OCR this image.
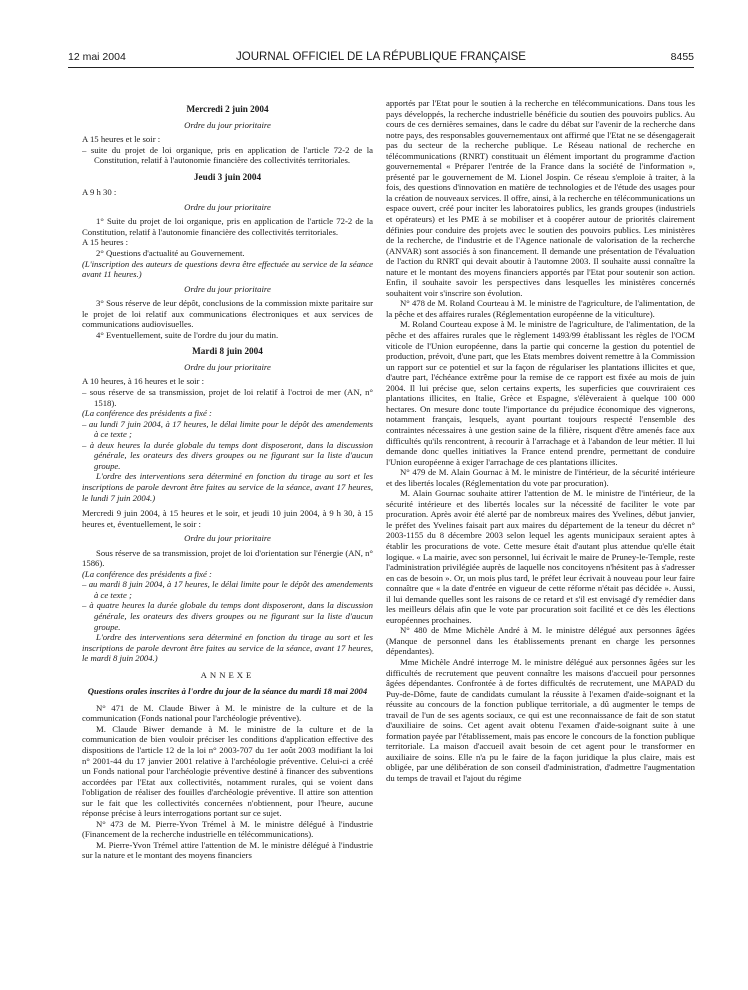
12 mai 2004	JOURNAL OFFICIEL DE LA RÉPUBLIQUE FRANÇAISE	8455

Mercredi 2 juin 2004

Ordre du jour prioritaire

A 15 heures et le soir :

– suite du projet de loi organique, pris en application de l'article 72-2 de la Constitution, relatif à l'autonomie financière des collectivités territoriales.

Jeudi 3 juin 2004

A 9 h 30 :

Ordre du jour prioritaire

1° Suite du projet de loi organique, pris en application de l'article 72-2 de la Constitution, relatif à l'autonomie financière des collectivités territoriales.

A 15 heures :

2° Questions d'actualité au Gouvernement.

(L'inscription des auteurs de questions devra être effectuée au service de la séance avant 11 heures.)

Ordre du jour prioritaire

3° Sous réserve de leur dépôt, conclusions de la commission mixte paritaire sur le projet de loi relatif aux communications électroniques et aux services de communications audiovisuelles.

4° Eventuellement, suite de l'ordre du jour du matin.

Mardi 8 juin 2004

Ordre du jour prioritaire

A 10 heures, à 16 heures et le soir :

– sous réserve de sa transmission, projet de loi relatif à l'octroi de mer (AN, n° 1518).

(La conférence des présidents a fixé :

– au lundi 7 juin 2004, à 17 heures, le délai limite pour le dépôt des amendements à ce texte ;

– à deux heures la durée globale du temps dont disposeront, dans la discussion générale, les orateurs des divers groupes ou ne figurant sur la liste d'aucun groupe.

L'ordre des interventions sera déterminé en fonction du tirage au sort et les inscriptions de parole devront être faites au service de la séance, avant 17 heures, le lundi 7 juin 2004.)

Mercredi 9 juin 2004, à 15 heures et le soir, et jeudi 10 juin 2004, à 9 h 30, à 15 heures et, éventuellement, le soir :

Ordre du jour prioritaire

Sous réserve de sa transmission, projet de loi d'orientation sur l'énergie (AN, n° 1586).

(La conférence des présidents a fixé :

– au mardi 8 juin 2004, à 17 heures, le délai limite pour le dépôt des amendements à ce texte ;

– à quatre heures la durée globale du temps dont disposeront, dans la discussion générale, les orateurs des divers groupes ou ne figurant sur la liste d'aucun groupe.

L'ordre des interventions sera déterminé en fonction du tirage au sort et les inscriptions de parole devront être faites au service de la séance, avant 17 heures, le mardi 8 juin 2004.)

ANNEXE

Questions orales inscrites à l'ordre du jour de la séance du mardi 18 mai 2004

N° 471 de M. Claude Biwer à M. le ministre de la culture et de la communication (Fonds national pour l'archéologie préventive).

M. Claude Biwer demande à M. le ministre de la culture et de la communication de bien vouloir préciser les conditions d'application effective des dispositions de l'article 12 de la loi n° 2003-707 du 1er août 2003 modifiant la loi n° 2001-44 du 17 janvier 2001 relative à l'archéologie préventive. Celui-ci a créé un Fonds national pour l'archéologie préventive destiné à financer des subventions accordées par l'Etat aux collectivités, notamment rurales, qui se voient dans l'obligation de réaliser des fouilles d'archéologie préventive. Il attire son attention sur le fait que les collectivités concernées n'obtiennent, pour l'heure, aucune réponse précise à leurs interrogations portant sur ce sujet.

N° 473 de M. Pierre-Yvon Trémel à M. le ministre délégué à l'industrie (Financement de la recherche industrielle en télécommunications).

M. Pierre-Yvon Trémel attire l'attention de M. le ministre délégué à l'industrie sur la nature et le montant des moyens financiers

apportés par l'Etat pour le soutien à la recherche en télécommunications. Dans tous les pays développés, la recherche industrielle bénéficie du soutien des pouvoirs publics. Au cours de ces dernières semaines, dans le cadre du débat sur l'avenir de la recherche dans notre pays, des responsables gouvernementaux ont affirmé que l'Etat ne se désengagerait pas du secteur de la recherche publique. Le Réseau national de recherche en télécommunications (RNRT) constituait un élément important du programme d'action gouvernemental « Préparer l'entrée de la France dans la société de l'information », présenté par le gouvernement de M. Lionel Jospin. Ce réseau s'emploie à traiter, à la fois, des questions d'innovation en matière de technologies et de l'étude des usages pour la création de nouveaux services. Il offre, ainsi, à la recherche en télécommunications un espace ouvert, créé pour inciter les laboratoires publics, les grands groupes (industriels et opérateurs) et les PME à se mobiliser et à coopérer autour de priorités clairement définies pour conduire des projets avec le soutien des pouvoirs publics. Les ministères de la recherche, de l'industrie et de l'Agence nationale de valorisation de la recherche (ANVAR) sont associés à son financement. Il demande une présentation de l'évaluation de l'action du RNRT qui devait aboutir à l'automne 2003. Il souhaite aussi connaître la nature et le montant des moyens financiers apportés par l'Etat pour soutenir son action. Enfin, il souhaite savoir les perspectives dans lesquelles les ministères concernés souhaitent voir s'inscrire son évolution.

N° 478 de M. Roland Courteau à M. le ministre de l'agriculture, de l'alimentation, de la pêche et des affaires rurales (Réglementation européenne de la viticulture).

M. Roland Courteau expose à M. le ministre de l'agriculture, de l'alimentation, de la pêche et des affaires rurales que le règlement 1493/99 établissant les règles de l'OCM viticole de l'Union européenne, dans la partie qui concerne la gestion du potentiel de production, prévoit, d'une part, que les Etats membres doivent remettre à la Commission un rapport sur ce potentiel et sur la façon de régulariser les plantations illicites et que, d'autre part, l'échéance extrême pour la remise de ce rapport est fixée au mois de juin 2004. Il lui précise que, selon certains experts, les superficies que couvriraient ces plantations illicites, en Italie, Grèce et Espagne, s'élèveraient à quelque 100 000 hectares. On mesure donc toute l'importance du préjudice économique des vignerons, notamment français, lesquels, ayant pourtant toujours respecté l'ensemble des contraintes nécessaires à une gestion saine de la filière, risquent d'être amenés face aux difficultés qu'ils rencontrent, à recourir à l'arrachage et à l'abandon de leur métier. Il lui demande donc quelles initiatives la France entend prendre, permettant de conduire l'Union européenne à exiger l'arrachage de ces plantations illicites.

N° 479 de M. Alain Gournac à M. le ministre de l'intérieur, de la sécurité intérieure et des libertés locales (Réglementation du vote par procuration).

M. Alain Gournac souhaite attirer l'attention de M. le ministre de l'intérieur, de la sécurité intérieure et des libertés locales sur la nécessité de faciliter le vote par procuration. Après avoir été alerté par de nombreux maires des Yvelines, début janvier, le préfet des Yvelines faisait part aux maires du département de la teneur du décret n° 2003-1155 du 8 décembre 2003 selon lequel les agents municipaux seraient aptes à établir les procurations de vote. Cette mesure était d'autant plus attendue qu'elle était logique. « La mairie, avec son personnel, lui écrivait le maire de Pruney-le-Temple, reste l'administration privilégiée auprès de laquelle nos concitoyens n'hésitent pas à s'adresser en cas de besoin ». Or, un mois plus tard, le préfet leur écrivait à nouveau pour leur faire connaître que « la date d'entrée en vigueur de cette réforme n'était pas décidée ». Aussi, il lui demande quelles sont les raisons de ce retard et s'il est envisagé d'y remédier dans les meilleurs délais afin que le vote par procuration soit facilité et ce dès les élections européennes prochaines.

N° 480 de Mme Michèle André à M. le ministre délégué aux personnes âgées (Manque de personnel dans les établissements prenant en charge les personnes dépendantes).

Mme Michèle André interroge M. le ministre délégué aux personnes âgées sur les difficultés de recrutement que peuvent connaître les maisons d'accueil pour personnes âgées dépendantes. Confrontée à de fortes difficultés de recrutement, une MAPAD du Puy-de-Dôme, faute de candidats cumulant la réussite à l'examen d'aide-soignant et la réussite au concours de la fonction publique territoriale, a dû augmenter le temps de travail de l'un de ses agents sociaux, ce qui est une reconnaissance de fait de son statut d'auxiliaire de soins. Cet agent avait obtenu l'examen d'aide-soignant suite à une formation payée par l'établissement, mais pas encore le concours de la fonction publique territoriale. La maison d'accueil avait besoin de cet agent pour le transformer en auxiliaire de soins. Elle n'a pu le faire de la façon juridique la plus claire, mais est obligée, par une délibération de son conseil d'administration, d'admettre l'augmentation du temps de travail et l'ajout du régime
